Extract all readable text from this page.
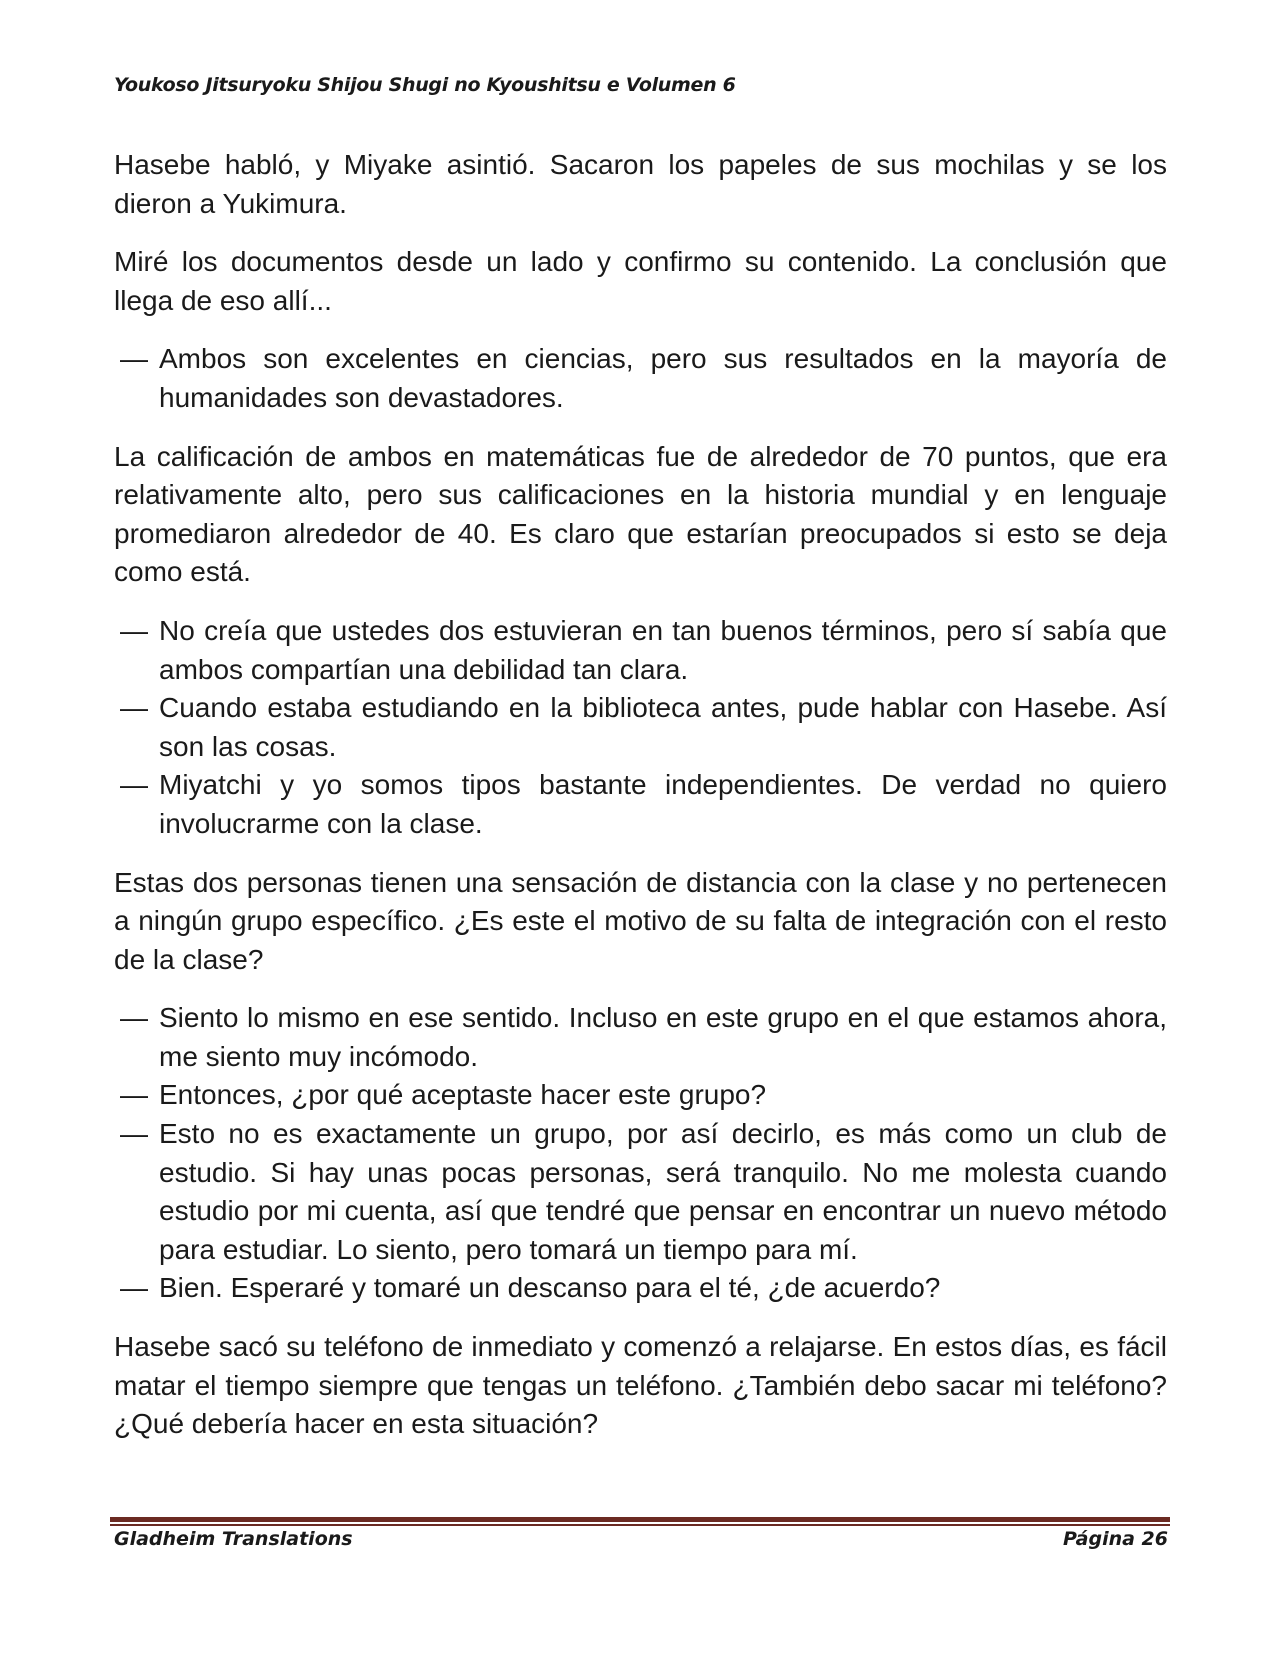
Youkoso Jitsuryoku Shijou Shugi no Kyoushitsu e Volumen 6

Hasebe habló, y Miyake asintió. Sacaron los papeles de sus mochilas y se los dieron a Yukimura.

Miré los documentos desde un lado y confirmo su contenido. La conclusión que llega de eso allí...

— Ambos son excelentes en ciencias, pero sus resultados en la mayoría de humanidades son devastadores.

La calificación de ambos en matemáticas fue de alrededor de 70 puntos, que era relativamente alto, pero sus calificaciones en la historia mundial y en lenguaje promediaron alrededor de 40. Es claro que estarían preocupados si esto se deja como está.

— No creía que ustedes dos estuvieran en tan buenos términos, pero sí sabía que ambos compartían una debilidad tan clara.

— Cuando estaba estudiando en la biblioteca antes, pude hablar con Hasebe. Así son las cosas.

— Miyatchi y yo somos tipos bastante independientes. De verdad no quiero involucrarme con la clase.

Estas dos personas tienen una sensación de distancia con la clase y no pertenecen a ningún grupo específico. ¿Es este el motivo de su falta de integración con el resto de la clase?

— Siento lo mismo en ese sentido. Incluso en este grupo en el que estamos ahora, me siento muy incómodo.

— Entonces, ¿por qué aceptaste hacer este grupo?

— Esto no es exactamente un grupo, por así decirlo, es más como un club de estudio. Si hay unas pocas personas, será tranquilo. No me molesta cuando estudio por mi cuenta, así que tendré que pensar en encontrar un nuevo método para estudiar. Lo siento, pero tomará un tiempo para mí.

— Bien. Esperaré y tomaré un descanso para el té, ¿de acuerdo?

Hasebe sacó su teléfono de inmediato y comenzó a relajarse. En estos días, es fácil matar el tiempo siempre que tengas un teléfono. ¿También debo sacar mi teléfono? ¿Qué debería hacer en esta situación?

Gladheim Translations	Página 26
